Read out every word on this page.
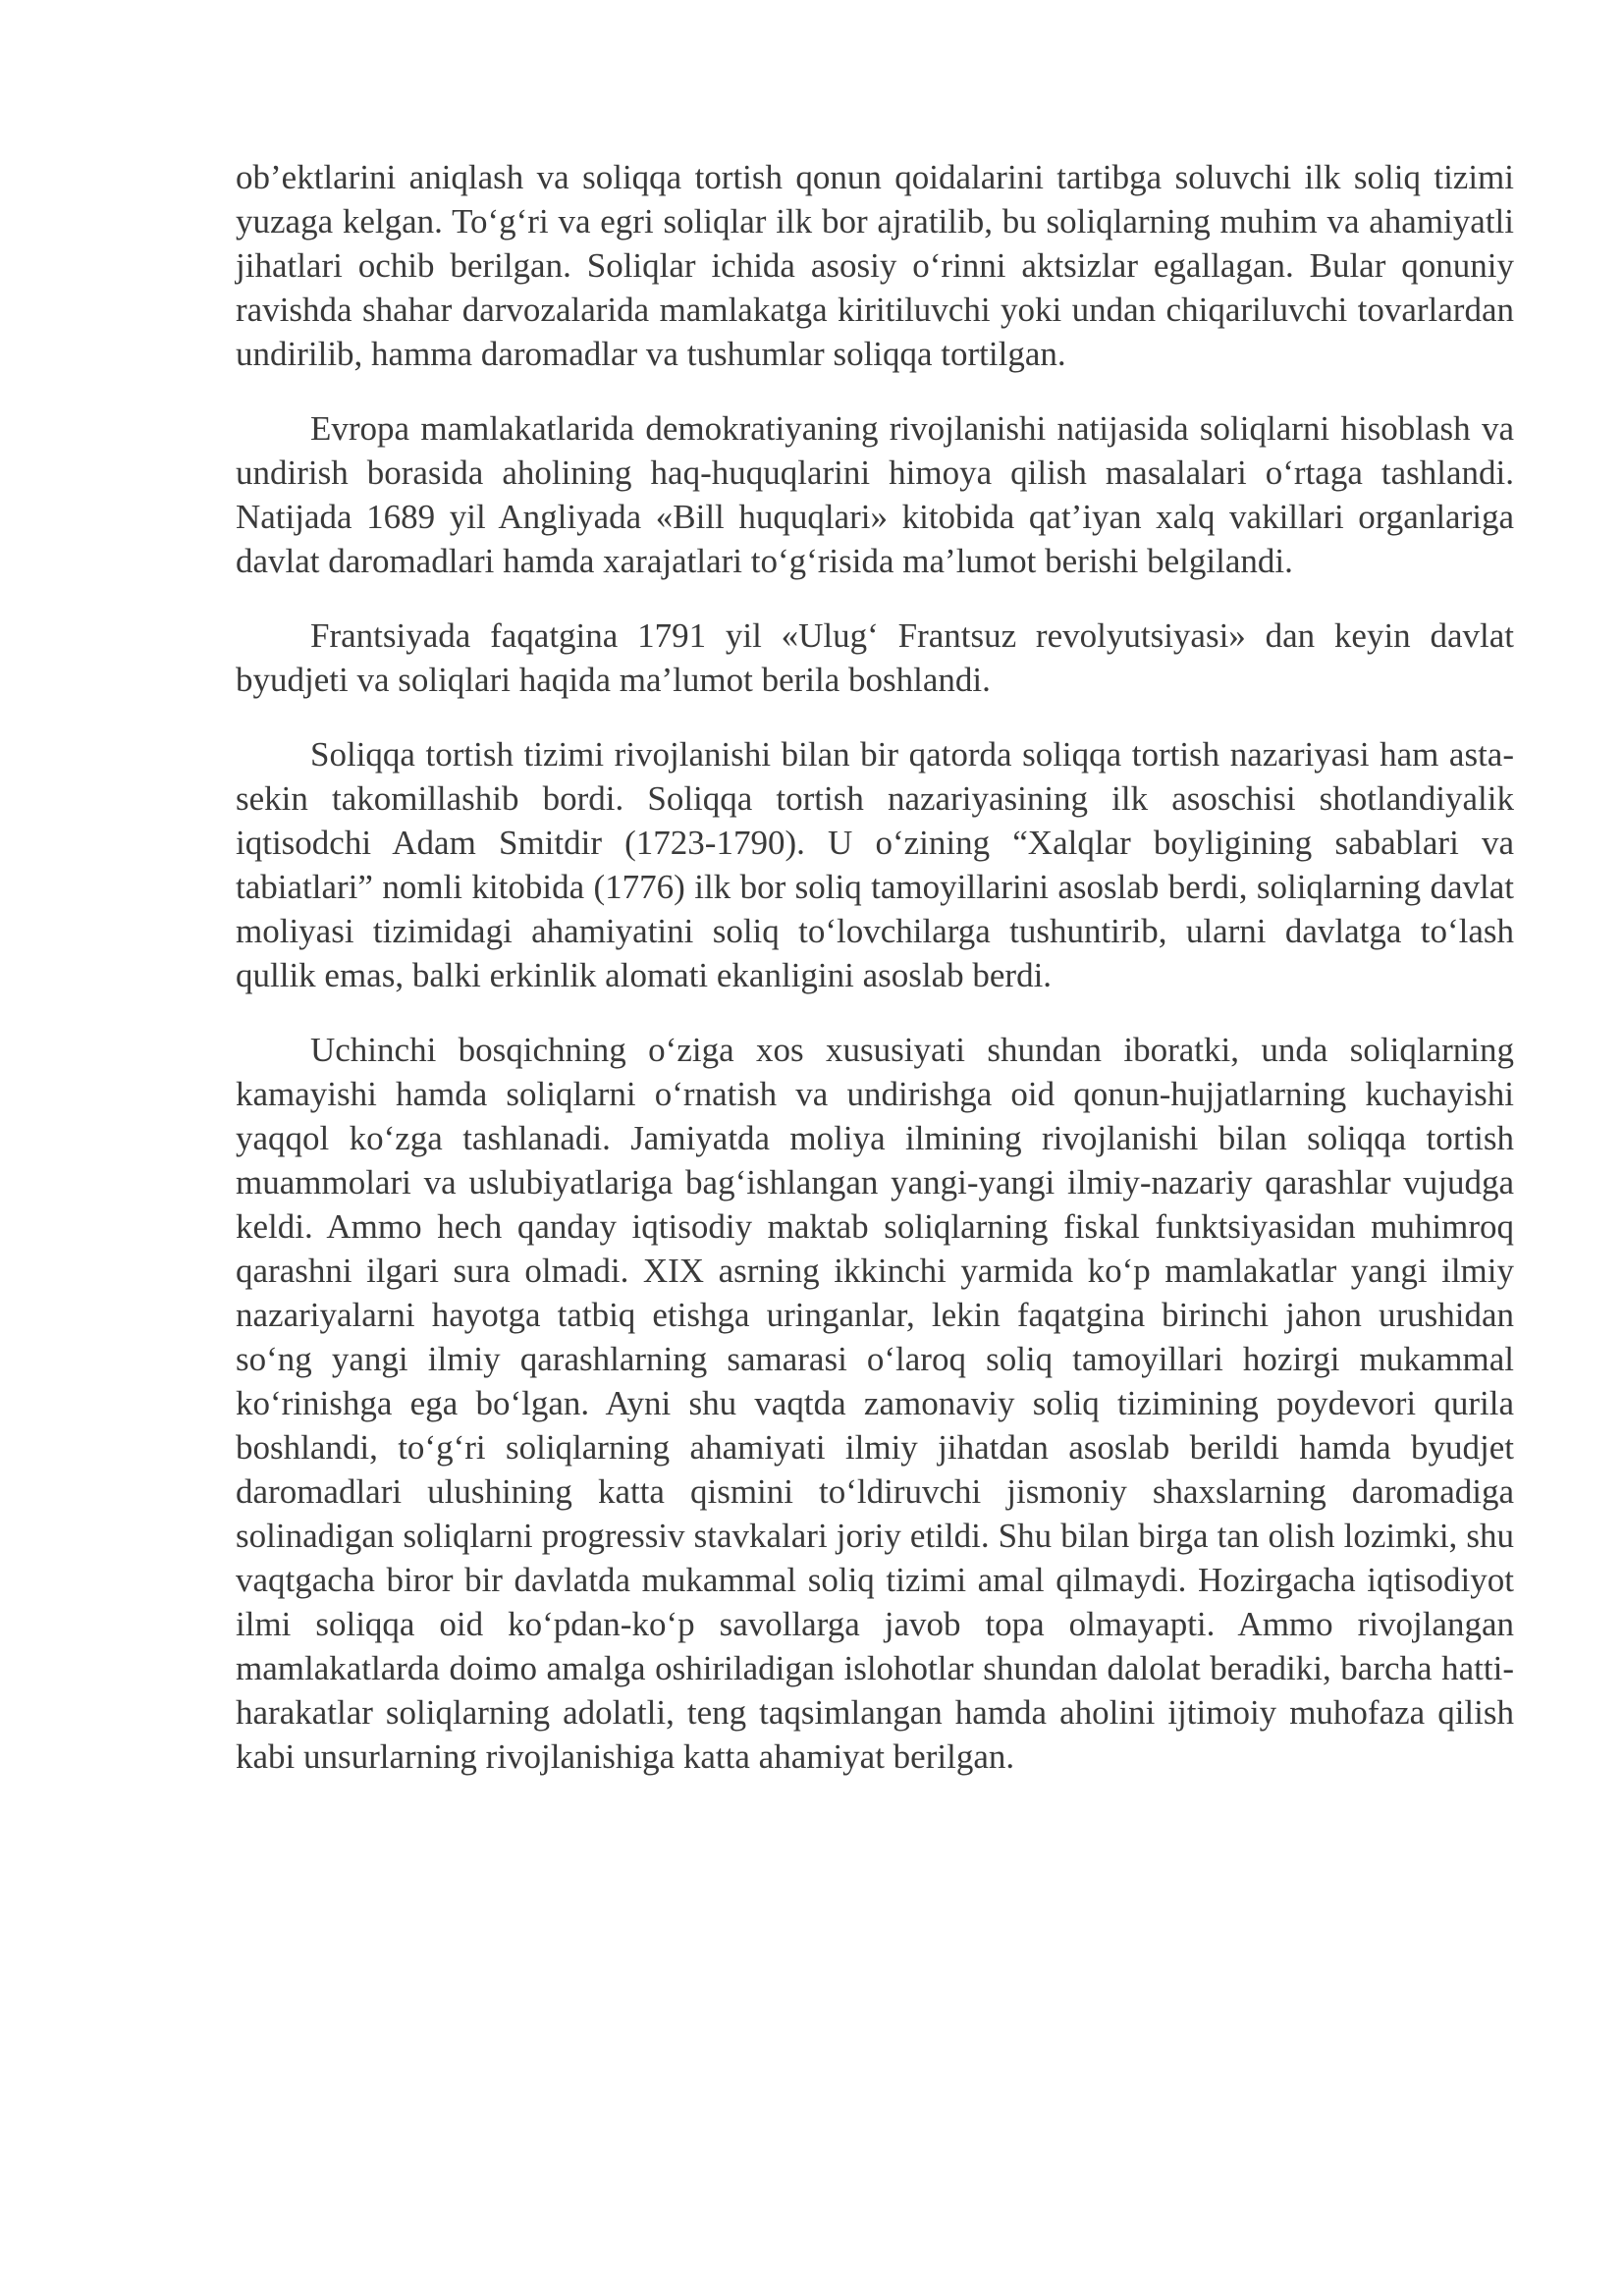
ob’ektlarini aniqlash va soliqqa tortish qonun qoidalarini tartibga soluvchi ilk soliq tizimi yuzaga kelgan. To‘g‘ri va egri soliqlar ilk bor ajratilib, bu soliqlarning muhim va ahamiyatli jihatlari ochib berilgan. Soliqlar ichida asosiy o‘rinni aktsizlar egallagan. Bular qonuniy ravishda shahar darvozalarida mamlakatga kiritiluvchi yoki undan chiqariluvchi tovarlardan undirilib, hamma daromadlar va tushumlar soliqqa tortilgan.

Evropa mamlakatlarida demokratiyaning rivojlanishi natijasida soliqlarni hisoblash va undirish borasida aholining haq-huquqlarini himoya qilish masalalari o‘rtaga tashlandi. Natijada 1689 yil Angliyada «Bill huquqlari» kitobida qat’iyan xalq vakillari organlariga davlat daromadlari hamda xarajatlari to‘g‘risida ma’lumot berishi belgilandi.

Frantsiyada faqatgina 1791 yil «Ulug‘ Frantsuz revolyutsiyasi» dan keyin davlat byudjeti va soliqlari haqida ma’lumot berila boshlandi.

Soliqqa tortish tizimi rivojlanishi bilan bir qatorda soliqqa tortish nazariyasi ham asta-sekin takomillashib bordi. Soliqqa tortish nazariyasining ilk asoschisi shotlandiyalik iqtisodchi Adam Smitdir (1723-1790). U o‘zining “Xalqlar boyligining sabablari va tabiatlari” nomli kitobida (1776) ilk bor soliq tamoyillarini asoslab berdi, soliqlarning davlat moliyasi tizimidagi ahamiyatini soliq to‘lovchilarga tushuntirib, ularni davlatga to‘lash qullik emas, balki erkinlik alomati ekanligini asoslab berdi.

Uchinchi bosqichning o‘ziga xos xususiyati shundan iboratki, unda soliqlarning kamayishi hamda soliqlarni o‘rnatish va undirishga oid qonun-hujjatlarning kuchayishi yaqqol ko‘zga tashlanadi. Jamiyatda moliya ilmining rivojlanishi bilan soliqqa tortish muammolari va uslubiyatlariga bag‘ishlangan yangi-yangi ilmiy-nazariy qarashlar vujudga keldi. Ammo hech qanday iqtisodiy maktab soliqlarning fiskal funktsiyasidan muhimroq qarashni ilgari sura olmadi. XIX asrning ikkinchi yarmida ko‘p mamlakatlar yangi ilmiy nazariyalarni hayotga tatbiq etishga uringanlar, lekin faqatgina birinchi jahon urushidan so‘ng yangi ilmiy qarashlarning samarasi o‘laroq soliq tamoyillari hozirgi mukammal ko‘rinishga ega bo‘lgan. Ayni shu vaqtda zamonaviy soliq tizimining poydevori qurila boshlandi, to‘g‘ri soliqlarning ahamiyati ilmiy jihatdan asoslab berildi hamda byudjet daromadlari ulushining katta qismini to‘ldiruvchi jismoniy shaxslarning daromadiga solinadigan soliqlarni progressiv stavkalari joriy etildi. Shu bilan birga tan olish lozimki, shu vaqtgacha biror bir davlatda mukammal soliq tizimi amal qilmaydi. Hozirgacha iqtisodiyot ilmi soliqqa oid ko‘pdan-ko‘p savollarga javob topa olmayapti. Ammo rivojlangan mamlakatlarda doimo amalga oshiriladigan islohotlar shundan dalolat beradiki, barcha hatti-harakatlar soliqlarning adolatli, teng taqsimlangan hamda aholini ijtimoiy muhofaza qilish kabi unsurlarning rivojlanishiga katta ahamiyat berilgan.
